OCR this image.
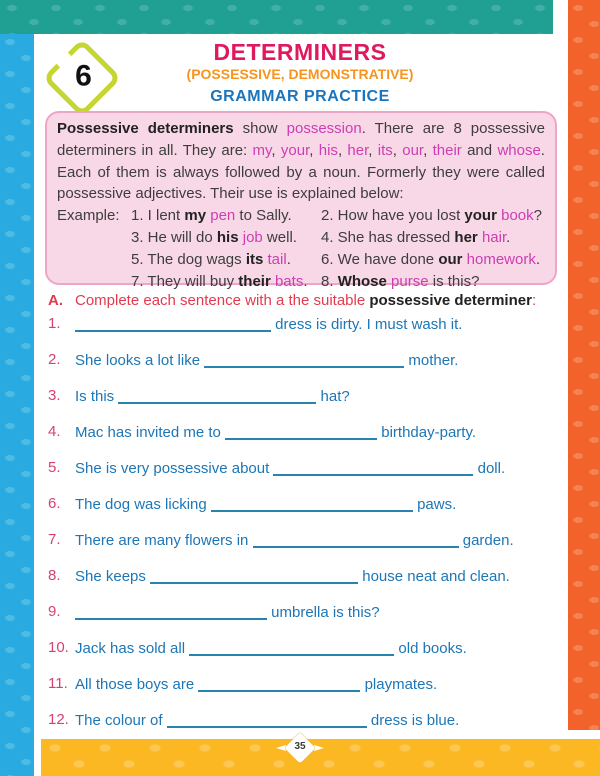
6
DETERMINERS
(POSSESSIVE, DEMONSTRATIVE)
GRAMMAR PRACTICE
Possessive determiners show possession. There are 8 possessive determiners in all. They are: my, your, his, her, its, our, their and whose. Each of them is always followed by a noun. Formerly they were called possessive adjectives. Their use is explained below:
Example: 1. I lent my pen to Sally.	2. How have you lost your book?
3. He will do his job well.	4. She has dressed her hair.
5. The dog wags its tail.	6. We have done our homework.
7. They will buy their bats. 8. Whose purse is this?
A. Complete each sentence with a the suitable possessive determiner:
1.	dress is dirty. I must wash it.
2. She looks a lot like	mother.
3. Is this	hat?
4. Mac has invited me to	birthday-party.
5. She is very possessive about	doll.
6. The dog was licking	paws.
7. There are many flowers in	garden.
8. She keeps	house neat and clean.
9.	umbrella is this?
10. Jack has sold all	old books.
11. All those boys are	playmates.
12. The colour of	dress is blue.
35
